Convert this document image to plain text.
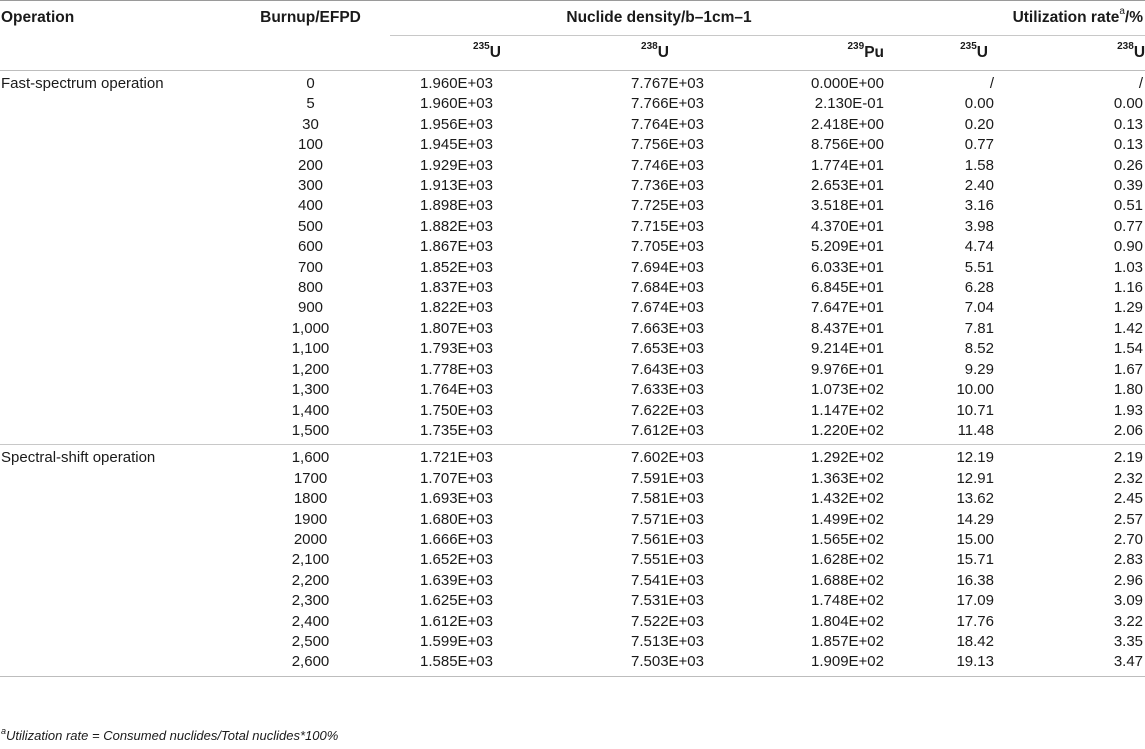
Operation	Burnup/EFPD	Nuclide density/b–1cm–1			Utilization rate$^a$/%	
		$^{235}$U	$^{238}$U	$^{239}$Pu	$^{235}$U	$^{238}$U
Fast-spectrum operation	0	1.960E+03	7.767E+03	0.000E+00	/	/
	5	1.960E+03	7.766E+03	2.130E-01	0.00	0.00
	30	1.956E+03	7.764E+03	2.418E+00	0.20	0.13
	100	1.945E+03	7.756E+03	8.756E+00	0.77	0.13
	200	1.929E+03	7.746E+03	1.774E+01	1.58	0.26
	300	1.913E+03	7.736E+03	2.653E+01	2.40	0.39
	400	1.898E+03	7.725E+03	3.518E+01	3.16	0.51
	500	1.882E+03	7.715E+03	4.370E+01	3.98	0.77
	600	1.867E+03	7.705E+03	5.209E+01	4.74	0.90
	700	1.852E+03	7.694E+03	6.033E+01	5.51	1.03
	800	1.837E+03	7.684E+03	6.845E+01	6.28	1.16
	900	1.822E+03	7.674E+03	7.647E+01	7.04	1.29
	1,000	1.807E+03	7.663E+03	8.437E+01	7.81	1.42
	1,100	1.793E+03	7.653E+03	9.214E+01	8.52	1.54
	1,200	1.778E+03	7.643E+03	9.976E+01	9.29	1.67
	1,300	1.764E+03	7.633E+03	1.073E+02	10.00	1.80
	1,400	1.750E+03	7.622E+03	1.147E+02	10.71	1.93
	1,500	1.735E+03	7.612E+03	1.220E+02	11.48	2.06
Spectral-shift operation	1,600	1.721E+03	7.602E+03	1.292E+02	12.19	2.19
	1700	1.707E+03	7.591E+03	1.363E+02	12.91	2.32
	1800	1.693E+03	7.581E+03	1.432E+02	13.62	2.45
	1900	1.680E+03	7.571E+03	1.499E+02	14.29	2.57
	2000	1.666E+03	7.561E+03	1.565E+02	15.00	2.70
	2,100	1.652E+03	7.551E+03	1.628E+02	15.71	2.83
	2,200	1.639E+03	7.541E+03	1.688E+02	16.38	2.96
	2,300	1.625E+03	7.531E+03	1.748E+02	17.09	3.09
	2,400	1.612E+03	7.522E+03	1.804E+02	17.76	3.22
	2,500	1.599E+03	7.513E+03	1.857E+02	18.42	3.35
	2,600	1.585E+03	7.503E+03	1.909E+02	19.13	3.47
$^a$Utilization rate = Consumed nuclides/Total nuclides*100%
